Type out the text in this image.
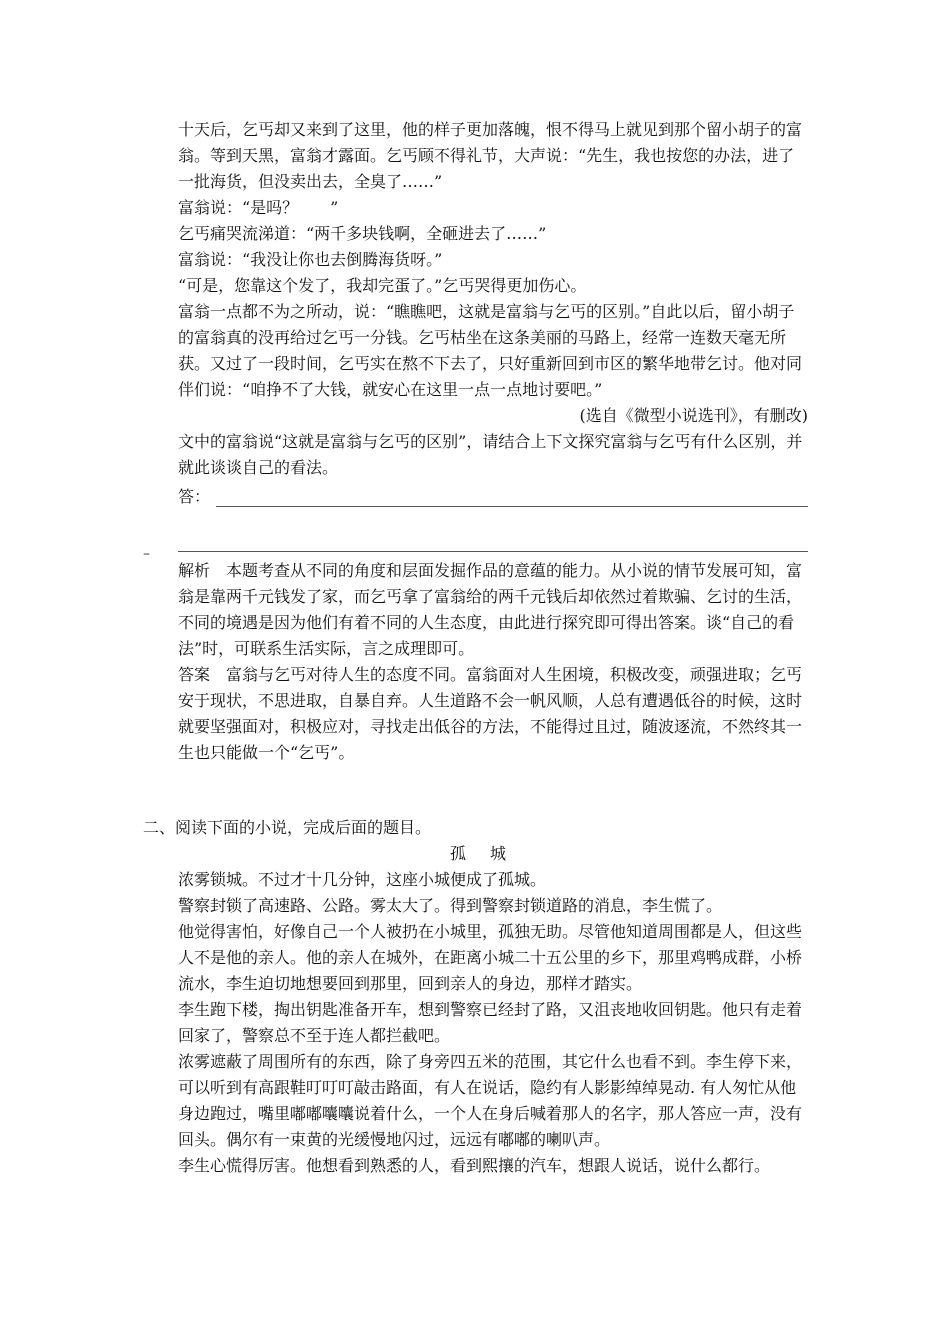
十天后，乞丐却又来到了这里，他的样子更加落魄，恨不得马上就见到那个留小胡子的富翁。等到天黑，富翁才露面。乞丐顾不得礼节，大声说：“先生，我也按您的办法，进了一批海货，但没卖出去，全臭了……”

富翁说：“是吗？　　”

乞丐痛哭流涕道：“两千多块钱啊，全砸进去了……”

富翁说：“我没让你也去倒腾海货呀。”

“可是，您靠这个发了，我却完蛋了。”乞丐哭得更加伤心。

富翁一点都不为之所动，说：“瞧瞧吧，这就是富翁与乞丐的区别。”自此以后，留小胡子的富翁真的没再给过乞丐一分钱。乞丐枯坐在这条美丽的马路上，经常一连数天毫无所获。又过了一段时间，乞丐实在熬不下去了，只好重新回到市区的繁华地带乞讨。他对同伴们说：“咱挣不了大钱，就安心在这里一点一点地讨要吧。”

(选自《微型小说选刊》，有删改)

文中的富翁说“这就是富翁与乞丐的区别”，请结合上下文探究富翁与乞丐有什么区别，并就此谈谈自己的看法。

答：

解析　本题考查从不同的角度和层面发掘作品的意蕴的能力。从小说的情节发展可知，富翁是靠两千元钱发了家，而乞丐拿了富翁给的两千元钱后却依然过着欺骗、乞讨的生活，不同的境遇是因为他们有着不同的人生态度，由此进行探究即可得出答案。谈“自己的看法”时，可联系生活实际，言之成理即可。

答案　富翁与乞丐对待人生的态度不同。富翁面对人生困境，积极改变，顽强进取；乞丐安于现状，不思进取，自暴自弃。人生道路不会一帆风顺，人总有遭遇低谷的时候，这时就要坚强面对，积极应对，寻找走出低谷的方法，不能得过且过，随波逐流，不然终其一生也只能做一个“乞丐”。

–

二、阅读下面的小说，完成后面的题目。

孤 城

浓雾锁城。不过才十几分钟，这座小城便成了孤城。

警察封锁了高速路、公路。雾太大了。得到警察封锁道路的消息，李生慌了。

他觉得害怕，好像自己一个人被扔在小城里，孤独无助。尽管他知道周围都是人，但这些人不是他的亲人。他的亲人在城外，在距离小城二十五公里的乡下，那里鸡鸭成群，小桥流水，李生迫切地想要回到那里，回到亲人的身边，那样才踏实。

李生跑下楼，掏出钥匙准备开车，想到警察已经封了路，又沮丧地收回钥匙。他只有走着回家了，警察总不至于连人都拦截吧。

浓雾遮蔽了周围所有的东西，除了身旁四五米的范围，其它什么也看不到。李生停下来，可以听到有高跟鞋叮叮叮敲击路面，有人在说话，隐约有人影影绰绰晃动. 有人匆忙从他身边跑过，嘴里嘟嘟囔囔说着什么，一个人在身后喊着那人的名字，那人答应一声，没有回头。偶尔有一束黄的光缓慢地闪过，远远有嘟嘟的喇叭声。

李生心慌得厉害。他想看到熟悉的人，看到熙攘的汽车，想跟人说话，说什么都行。
